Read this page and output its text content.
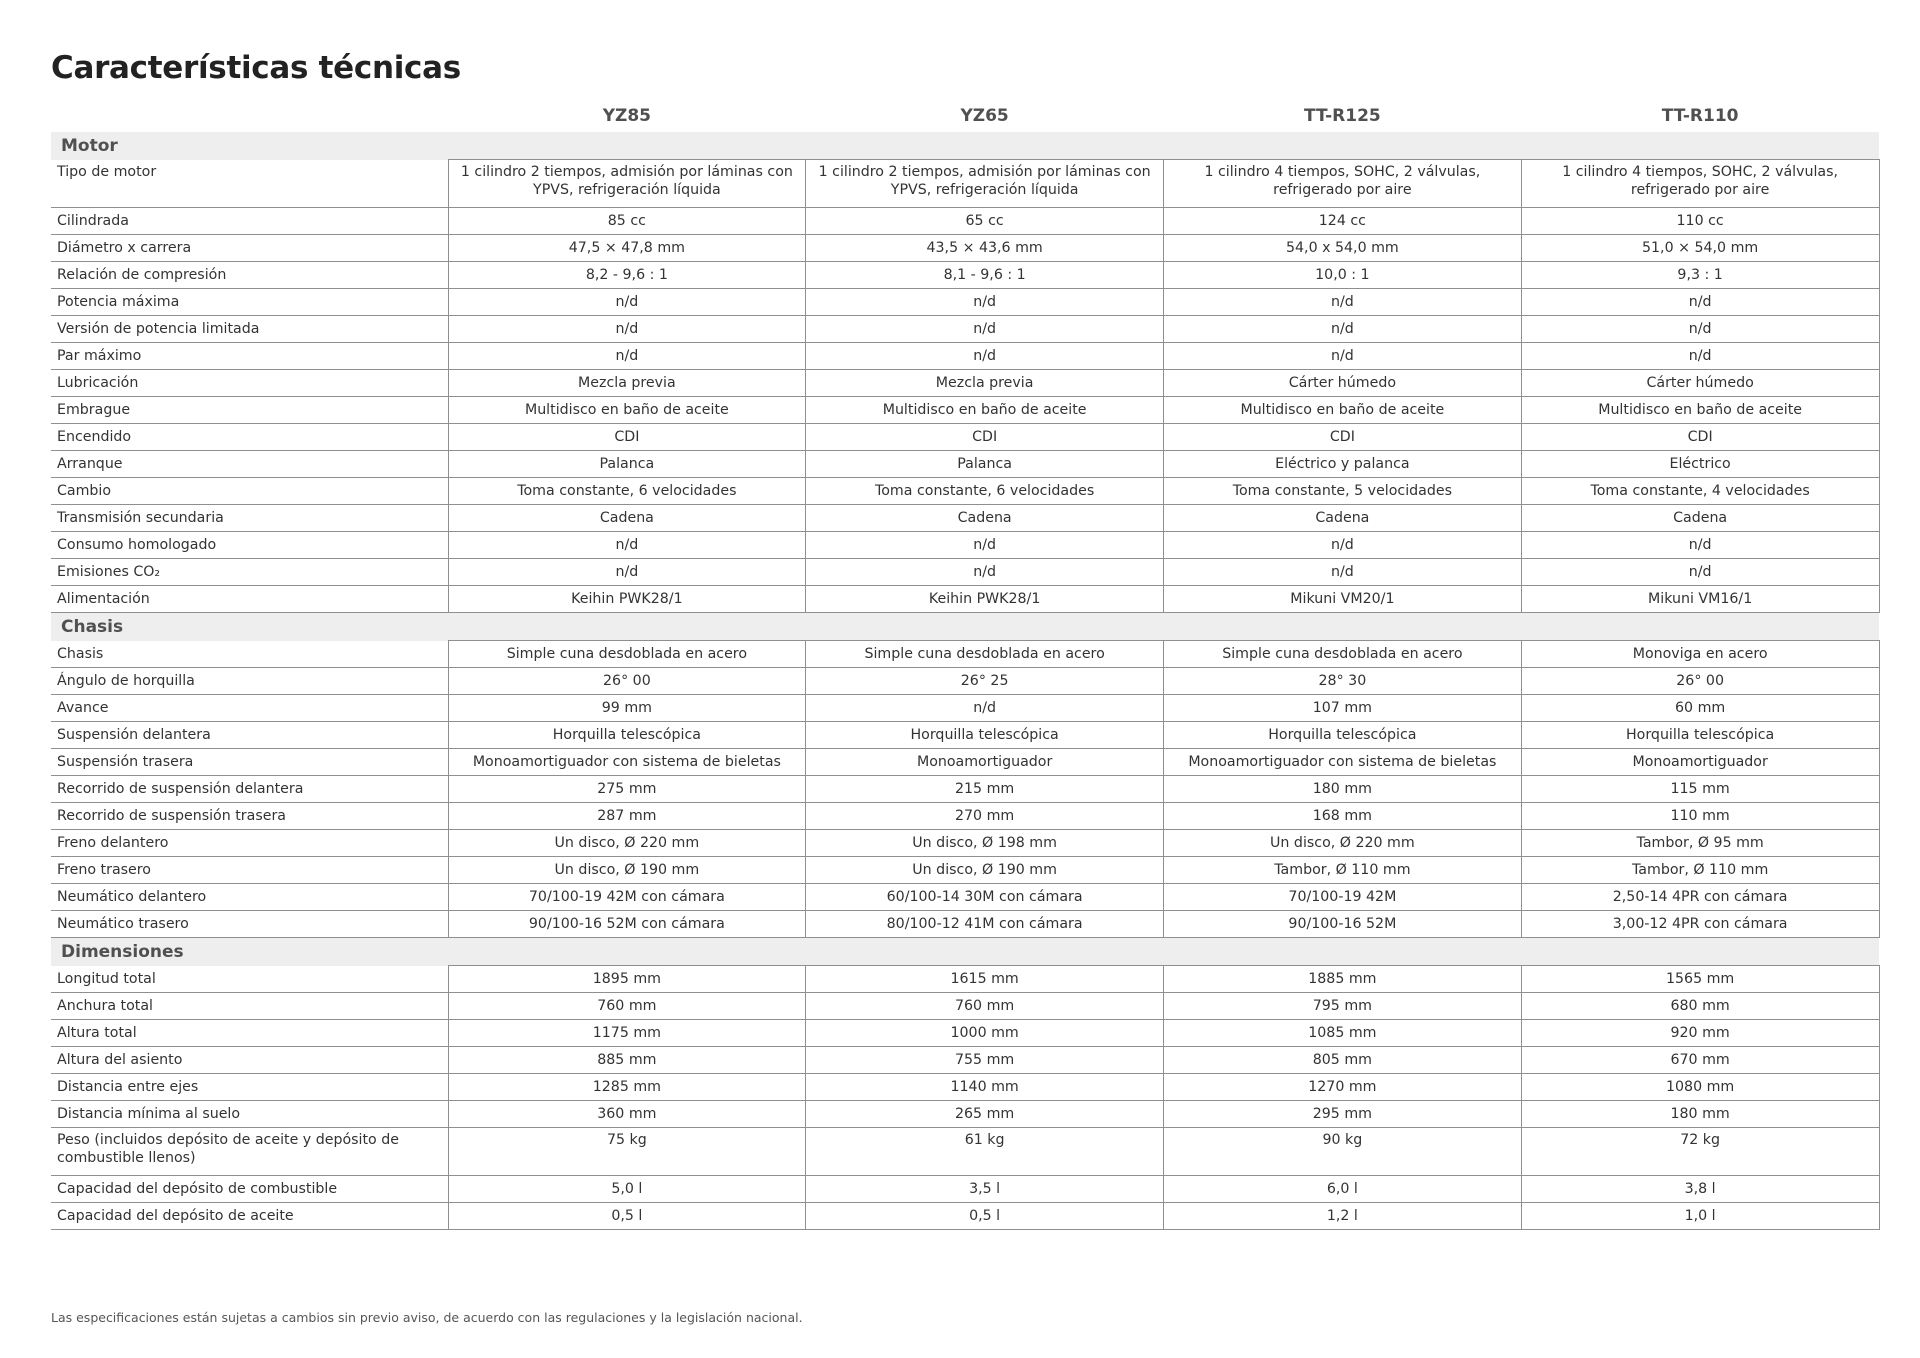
Características técnicas
	YZ85	YZ65	TT-R125	TT-R110
Motor				
Tipo de motor	1 cilindro 2 tiempos, admisión por láminas con YPVS, refrigeración líquida	1 cilindro 2 tiempos, admisión por láminas con YPVS, refrigeración líquida	1 cilindro 4 tiempos, SOHC, 2 válvulas, refrigerado por aire	1 cilindro 4 tiempos, SOHC, 2 válvulas, refrigerado por aire
Cilindrada	85 cc	65 cc	124 cc	110 cc
Diámetro x carrera	47,5 × 47,8 mm	43,5 × 43,6 mm	54,0 x 54,0 mm	51,0 × 54,0 mm
Relación de compresión	8,2 - 9,6 : 1	8,1 - 9,6 : 1	10,0 : 1	9,3 : 1
Potencia máxima	n/d	n/d	n/d	n/d
Versión de potencia limitada	n/d	n/d	n/d	n/d
Par máximo	n/d	n/d	n/d	n/d
Lubricación	Mezcla previa	Mezcla previa	Cárter húmedo	Cárter húmedo
Embrague	Multidisco en baño de aceite	Multidisco en baño de aceite	Multidisco en baño de aceite	Multidisco en baño de aceite
Encendido	CDI	CDI	CDI	CDI
Arranque	Palanca	Palanca	Eléctrico y palanca	Eléctrico
Cambio	Toma constante, 6 velocidades	Toma constante, 6 velocidades	Toma constante, 5 velocidades	Toma constante, 4 velocidades
Transmisión secundaria	Cadena	Cadena	Cadena	Cadena
Consumo homologado	n/d	n/d	n/d	n/d
Emisiones CO₂	n/d	n/d	n/d	n/d
Alimentación	Keihin PWK28/1	Keihin PWK28/1	Mikuni VM20/1	Mikuni VM16/1
Chasis				
Chasis	Simple cuna desdoblada en acero	Simple cuna desdoblada en acero	Simple cuna desdoblada en acero	Monoviga en acero
Ángulo de horquilla	26° 00	26° 25	28° 30	26° 00
Avance	99 mm	n/d	107 mm	60 mm
Suspensión delantera	Horquilla telescópica	Horquilla telescópica	Horquilla telescópica	Horquilla telescópica
Suspensión trasera	Monoamortiguador con sistema de bieletas	Monoamortiguador	Monoamortiguador con sistema de bieletas	Monoamortiguador
Recorrido de suspensión delantera	275 mm	215 mm	180 mm	115 mm
Recorrido de suspensión trasera	287 mm	270 mm	168 mm	110 mm
Freno delantero	Un disco, Ø 220 mm	Un disco, Ø 198 mm	Un disco, Ø 220 mm	Tambor, Ø 95 mm
Freno trasero	Un disco, Ø 190 mm	Un disco, Ø 190 mm	Tambor, Ø 110 mm	Tambor, Ø 110 mm
Neumático delantero	70/100-19 42M con cámara	60/100-14 30M con cámara	70/100-19 42M	2,50-14 4PR con cámara
Neumático trasero	90/100-16 52M con cámara	80/100-12 41M con cámara	90/100-16 52M	3,00-12 4PR con cámara
Dimensiones				
Longitud total	1895 mm	1615 mm	1885 mm	1565 mm
Anchura total	760 mm	760 mm	795 mm	680 mm
Altura total	1175 mm	1000 mm	1085 mm	920 mm
Altura del asiento	885 mm	755 mm	805 mm	670 mm
Distancia entre ejes	1285 mm	1140 mm	1270 mm	1080 mm
Distancia mínima al suelo	360 mm	265 mm	295 mm	180 mm
Peso (incluidos depósito de aceite y depósito de combustible llenos)	75 kg	61 kg	90 kg	72 kg
Capacidad del depósito de combustible	5,0 l	3,5 l	6,0 l	3,8 l
Capacidad del depósito de aceite	0,5 l	0,5 l	1,2 l	1,0 l

Las especificaciones están sujetas a cambios sin previo aviso, de acuerdo con las regulaciones y la legislación nacional.
